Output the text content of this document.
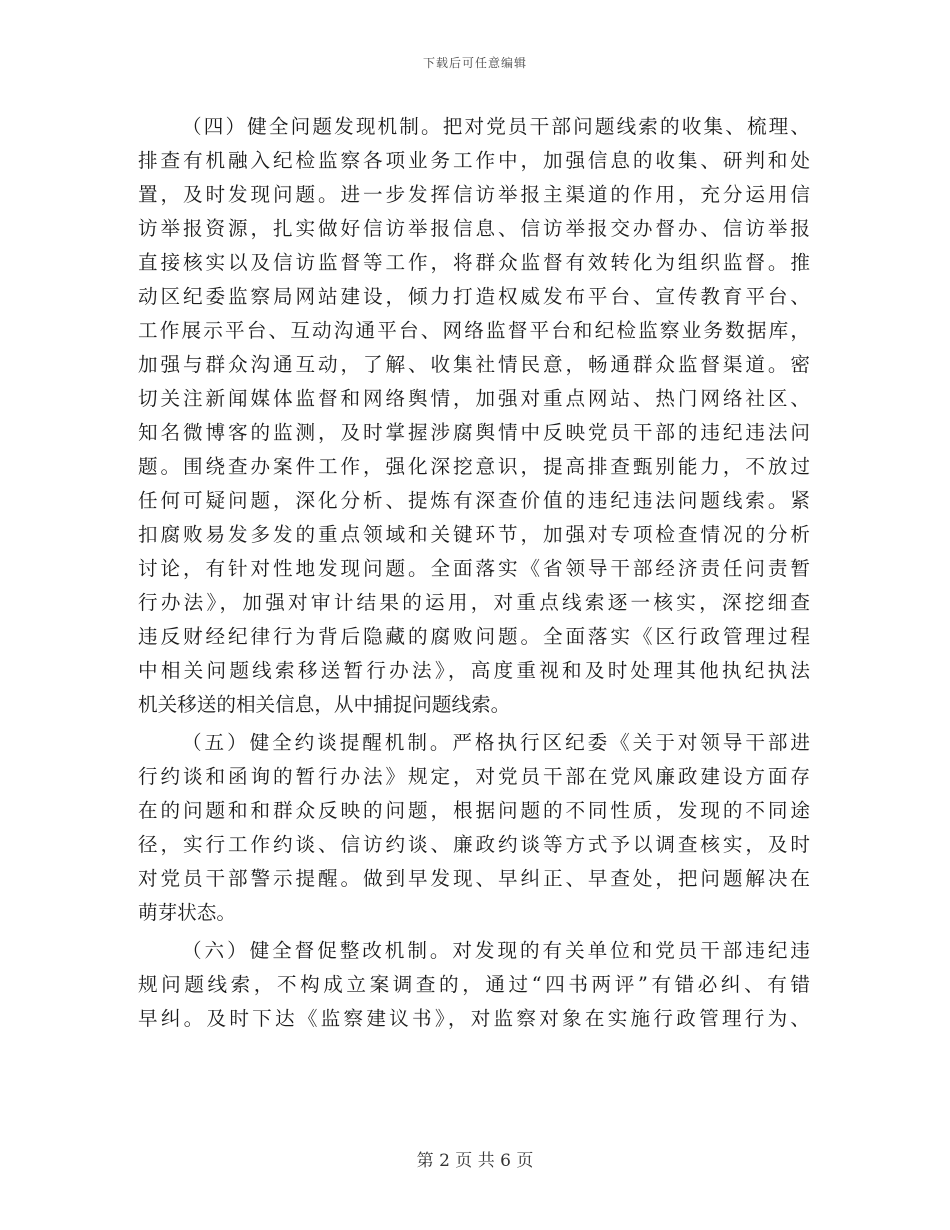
下载后可任意编辑
（四）健全问题发现机制。把对党员干部问题线索的收集、梳理、
排查有机融入纪检监察各项业务工作中，加强信息的收集、研判和处
置，及时发现问题。进一步发挥信访举报主渠道的作用，充分运用信
访举报资源，扎实做好信访举报信息、信访举报交办督办、信访举报
直接核实以及信访监督等工作，将群众监督有效转化为组织监督。推
动区纪委监察局网站建设，倾力打造权威发布平台、宣传教育平台、
工作展示平台、互动沟通平台、网络监督平台和纪检监察业务数据库，
加强与群众沟通互动，了解、收集社情民意，畅通群众监督渠道。密
切关注新闻媒体监督和网络舆情，加强对重点网站、热门网络社区、
知名微博客的监测，及时掌握涉腐舆情中反映党员干部的违纪违法问
题。围绕查办案件工作，强化深挖意识，提高排查甄别能力，不放过
任何可疑问题，深化分析、提炼有深查价值的违纪违法问题线索。紧
扣腐败易发多发的重点领域和关键环节，加强对专项检查情况的分析
讨论，有针对性地发现问题。全面落实《省领导干部经济责任问责暂
行办法》，加强对审计结果的运用，对重点线索逐一核实，深挖细查
违反财经纪律行为背后隐藏的腐败问题。全面落实《区行政管理过程
中相关问题线索移送暂行办法》，高度重视和及时处理其他执纪执法
机关移送的相关信息，从中捕捉问题线索。
（五）健全约谈提醒机制。严格执行区纪委《关于对领导干部进
行约谈和函询的暂行办法》规定，对党员干部在党风廉政建设方面存
在的问题和和群众反映的问题，根据问题的不同性质，发现的不同途
径，实行工作约谈、信访约谈、廉政约谈等方式予以调查核实，及时
对党员干部警示提醒。做到早发现、早纠正、早查处，把问题解决在
萌芽状态。
（六）健全督促整改机制。对发现的有关单位和党员干部违纪违
规问题线索，不构成立案调查的，通过“四书两评”有错必纠、有错
早纠。及时下达《监察建议书》，对监察对象在实施行政管理行为、
第 2 页 共 6 页
